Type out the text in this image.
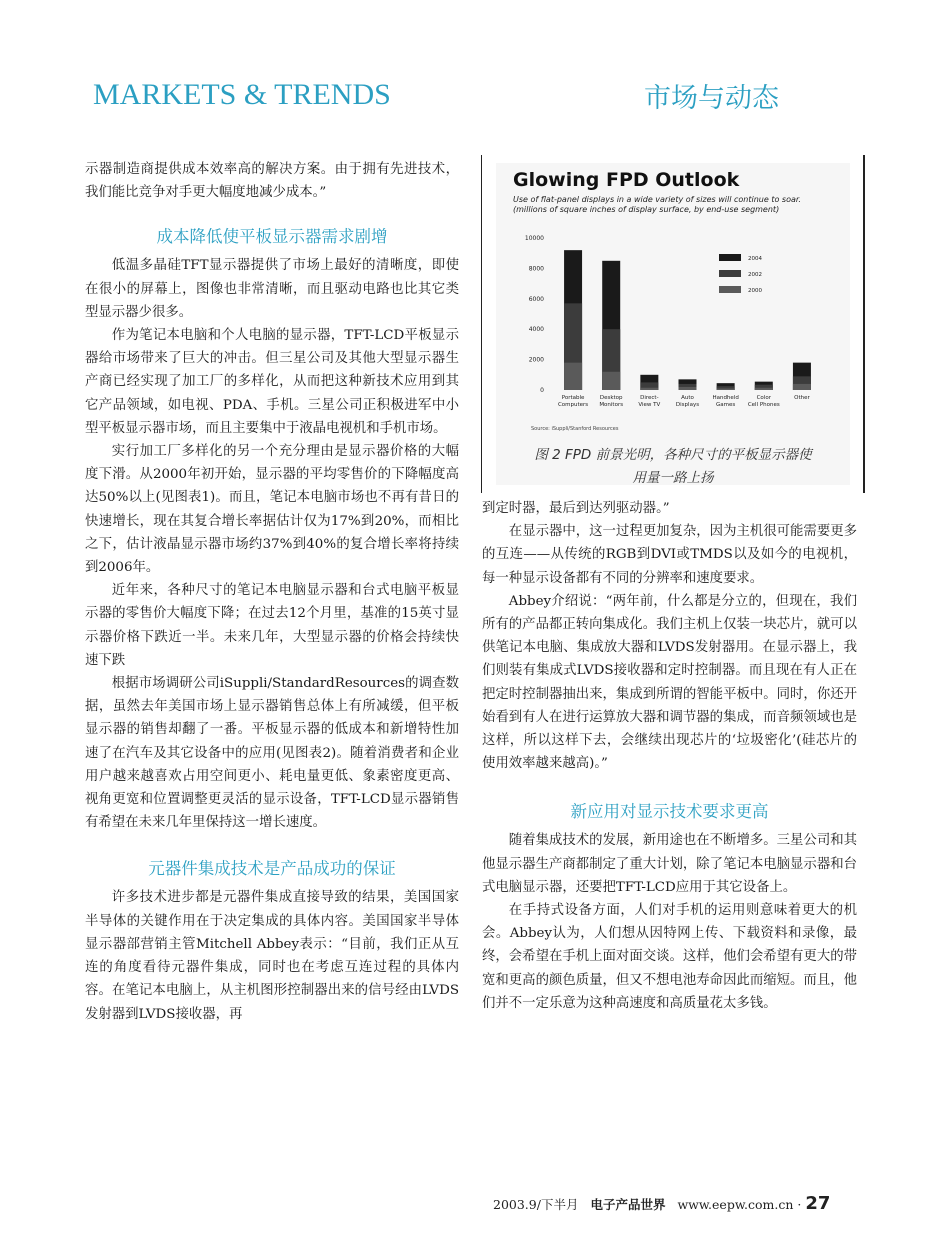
MARKETS & TRENDS	市场与动态

示器制造商提供成本效率高的解决方案。由于拥有先进技术，我们能比竞争对手更大幅度地减少成本。”

成本降低使平板显示器需求剧增

低温多晶硅TFT显示器提供了市场上最好的清晰度，即使在很小的屏幕上，图像也非常清晰，而且驱动电路也比其它类型显示器少很多。

作为笔记本电脑和个人电脑的显示器，TFT-LCD平板显示器给市场带来了巨大的冲击。但三星公司及其他大型显示器生产商已经实现了加工厂的多样化，从而把这种新技术应用到其它产品领域，如电视、PDA、手机。三星公司正积极进军中小型平板显示器市场，而且主要集中于液晶电视机和手机市场。

实行加工厂多样化的另一个充分理由是显示器价格的大幅度下滑。从2000年初开始，显示器的平均零售价的下降幅度高达50%以上(见图表1)。而且，笔记本电脑市场也不再有昔日的快速增长，现在其复合增长率据估计仅为17%到20%，而相比之下，估计液晶显示器市场约37%到40%的复合增长率将持续到2006年。

近年来，各种尺寸的笔记本电脑显示器和台式电脑平板显示器的零售价大幅度下降；在过去12个月里，基准的15英寸显示器价格下跌近一半。未来几年，大型显示器的价格会持续快速下跌

根据市场调研公司iSuppli/StandardResources的调查数据，虽然去年美国市场上显示器销售总体上有所减缓，但平板显示器的销售却翻了一番。平板显示器的低成本和新增特性加速了在汽车及其它设备中的应用(见图表2)。随着消费者和企业用户越来越喜欢占用空间更小、耗电量更低、象素密度更高、视角更宽和位置调整更灵活的显示设备，TFT-LCD显示器销售有希望在未来几年里保持这一增长速度。

元器件集成技术是产品成功的保证

许多技术进步都是元器件集成直接导致的结果，美国国家半导体的关键作用在于决定集成的具体内容。美国国家半导体显示器部营销主管Mitchell Abbey表示：“目前，我们正从互连的角度看待元器件集成，同时也在考虑互连过程的具体内容。在笔记本电脑上，从主机图形控制器出来的信号经由LVDS发射器到LVDS接收器，再

Glowing FPD Outlook
Use of flat-panel displays in a wide variety of sizes will continue to soar.
(millions of square inches of display surface, by end-use segment)
10000
8000
6000
4000
2000
0
Portable
Computers
Desktop
Monitors
Direct-
View TV
Auto
Displays
Handheld
Games
Color
Cell Phones
Other
2004
2002
2000
Source: iSuppli/Stanford Resources
图 2 FPD 前景光明，各种尺寸的平板显示器使
用量一路上扬

到定时器，最后到达列驱动器。”

在显示器中，这一过程更加复杂，因为主机很可能需要更多的互连——从传统的RGB到DVI或TMDS以及如今的电视机，每一种显示设备都有不同的分辨率和速度要求。

Abbey介绍说：“两年前，什么都是分立的，但现在，我们所有的产品都正转向集成化。我们主机上仅装一块芯片，就可以供笔记本电脑、集成放大器和LVDS发射器用。在显示器上，我们则装有集成式LVDS接收器和定时控制器。而且现在有人正在把定时控制器抽出来，集成到所谓的智能平板中。同时，你还开始看到有人在进行运算放大器和调节器的集成，而音频领域也是这样，所以这样下去，会继续出现芯片的‘垃圾密化’(硅芯片的使用效率越来越高)。”

新应用对显示技术要求更高

随着集成技术的发展，新用途也在不断增多。三星公司和其他显示器生产商都制定了重大计划，除了笔记本电脑显示器和台式电脑显示器，还要把TFT-LCD应用于其它设备上。

在手持式设备方面，人们对手机的运用则意味着更大的机会。Abbey认为，人们想从因特网上传、下载资料和录像，最终，会希望在手机上面对面交谈。这样，他们会希望有更大的带宽和更高的颜色质量，但又不想电池寿命因此而缩短。而且，他们并不一定乐意为这种高速度和高质量花太多钱。

2003.9/下半月 电子产品世界 www.eepw.com.cn · 27
